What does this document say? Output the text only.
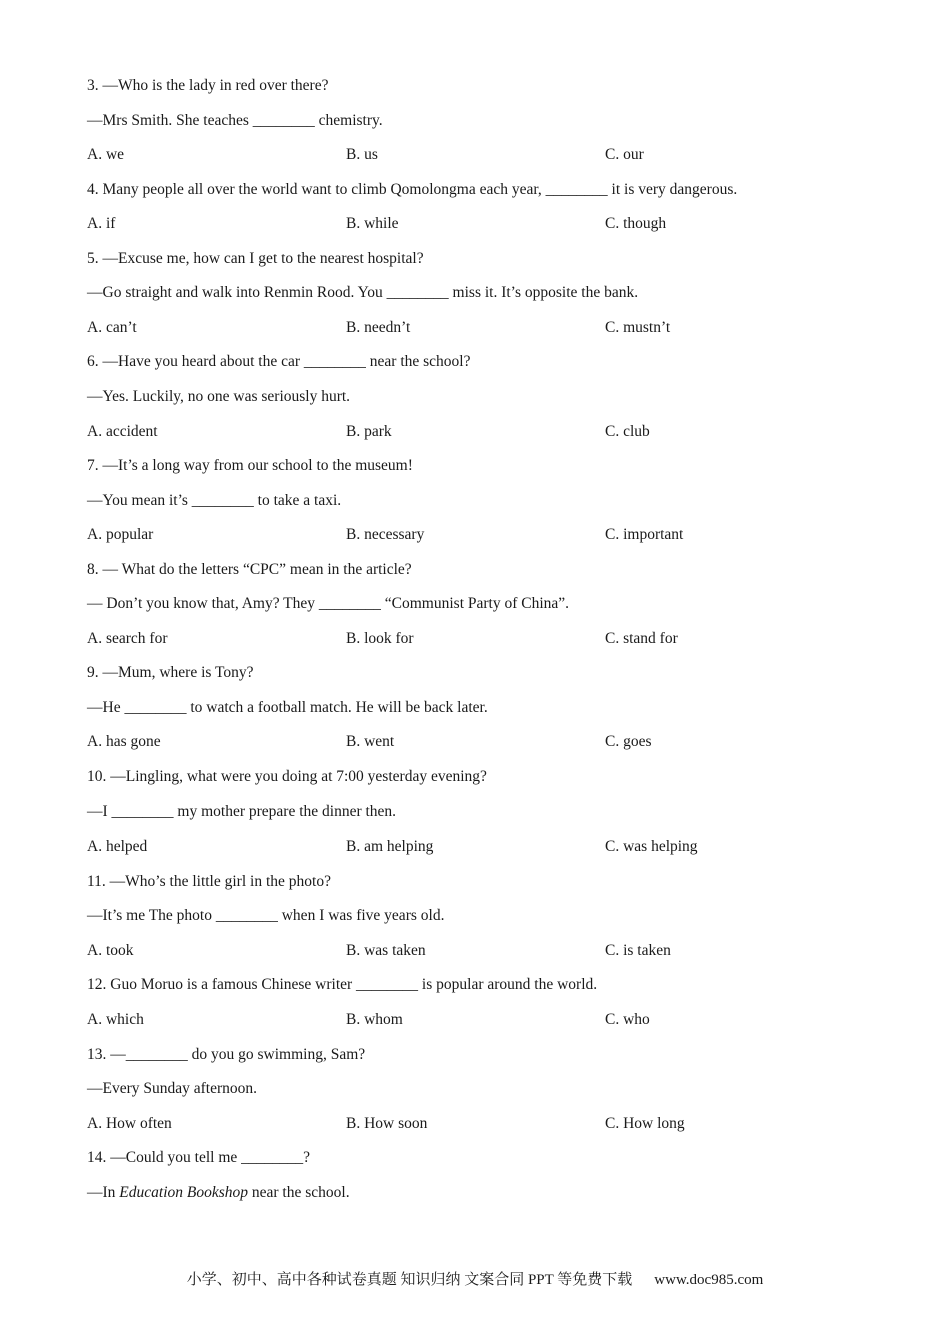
3. —Who is the lady in red over there?
—Mrs Smith. She teaches ________ chemistry.
A. we	B. us	C. our
4. Many people all over the world want to climb Qomolongma each year, ________ it is very dangerous.
A. if	B. while	C. though
5. —Excuse me, how can I get to the nearest hospital?
—Go straight and walk into Renmin Rood. You ________ miss it. It’s opposite the bank.
A. can’t	B. needn’t	C. mustn’t
6. —Have you heard about the car ________ near the school?
—Yes. Luckily, no one was seriously hurt.
A. accident	B. park	C. club
7. —It’s a long way from our school to the museum!
—You mean it’s ________ to take a taxi.
A. popular	B. necessary	C. important
8. — What do the letters “CPC” mean in the article?
— Don’t you know that, Amy? They ________ “Communist Party of China”.
A. search for	B. look for	C. stand for
9. —Mum, where is Tony?
—He ________ to watch a football match. He will be back later.
A. has gone	B. went	C. goes
10. —Lingling, what were you doing at 7:00 yesterday evening?
—I ________ my mother prepare the dinner then.
A. helped	B. am helping	C. was helping
11. —Who’s the little girl in the photo?
—It’s me The photo ________ when I was five years old.
A. took	B. was taken	C. is taken
12. Guo Moruo is a famous Chinese writer ________ is popular around the world.
A. which	B. whom	C. who
13. —________ do you go swimming, Sam?
—Every Sunday afternoon.
A. How often	B. How soon	C. How long
14. —Could you tell me ________?
—In Education Bookshop near the school.
小学、初中、高中各种试卷真题 知识归纳 文案合同 PPT 等免费下载 www.doc985.com
